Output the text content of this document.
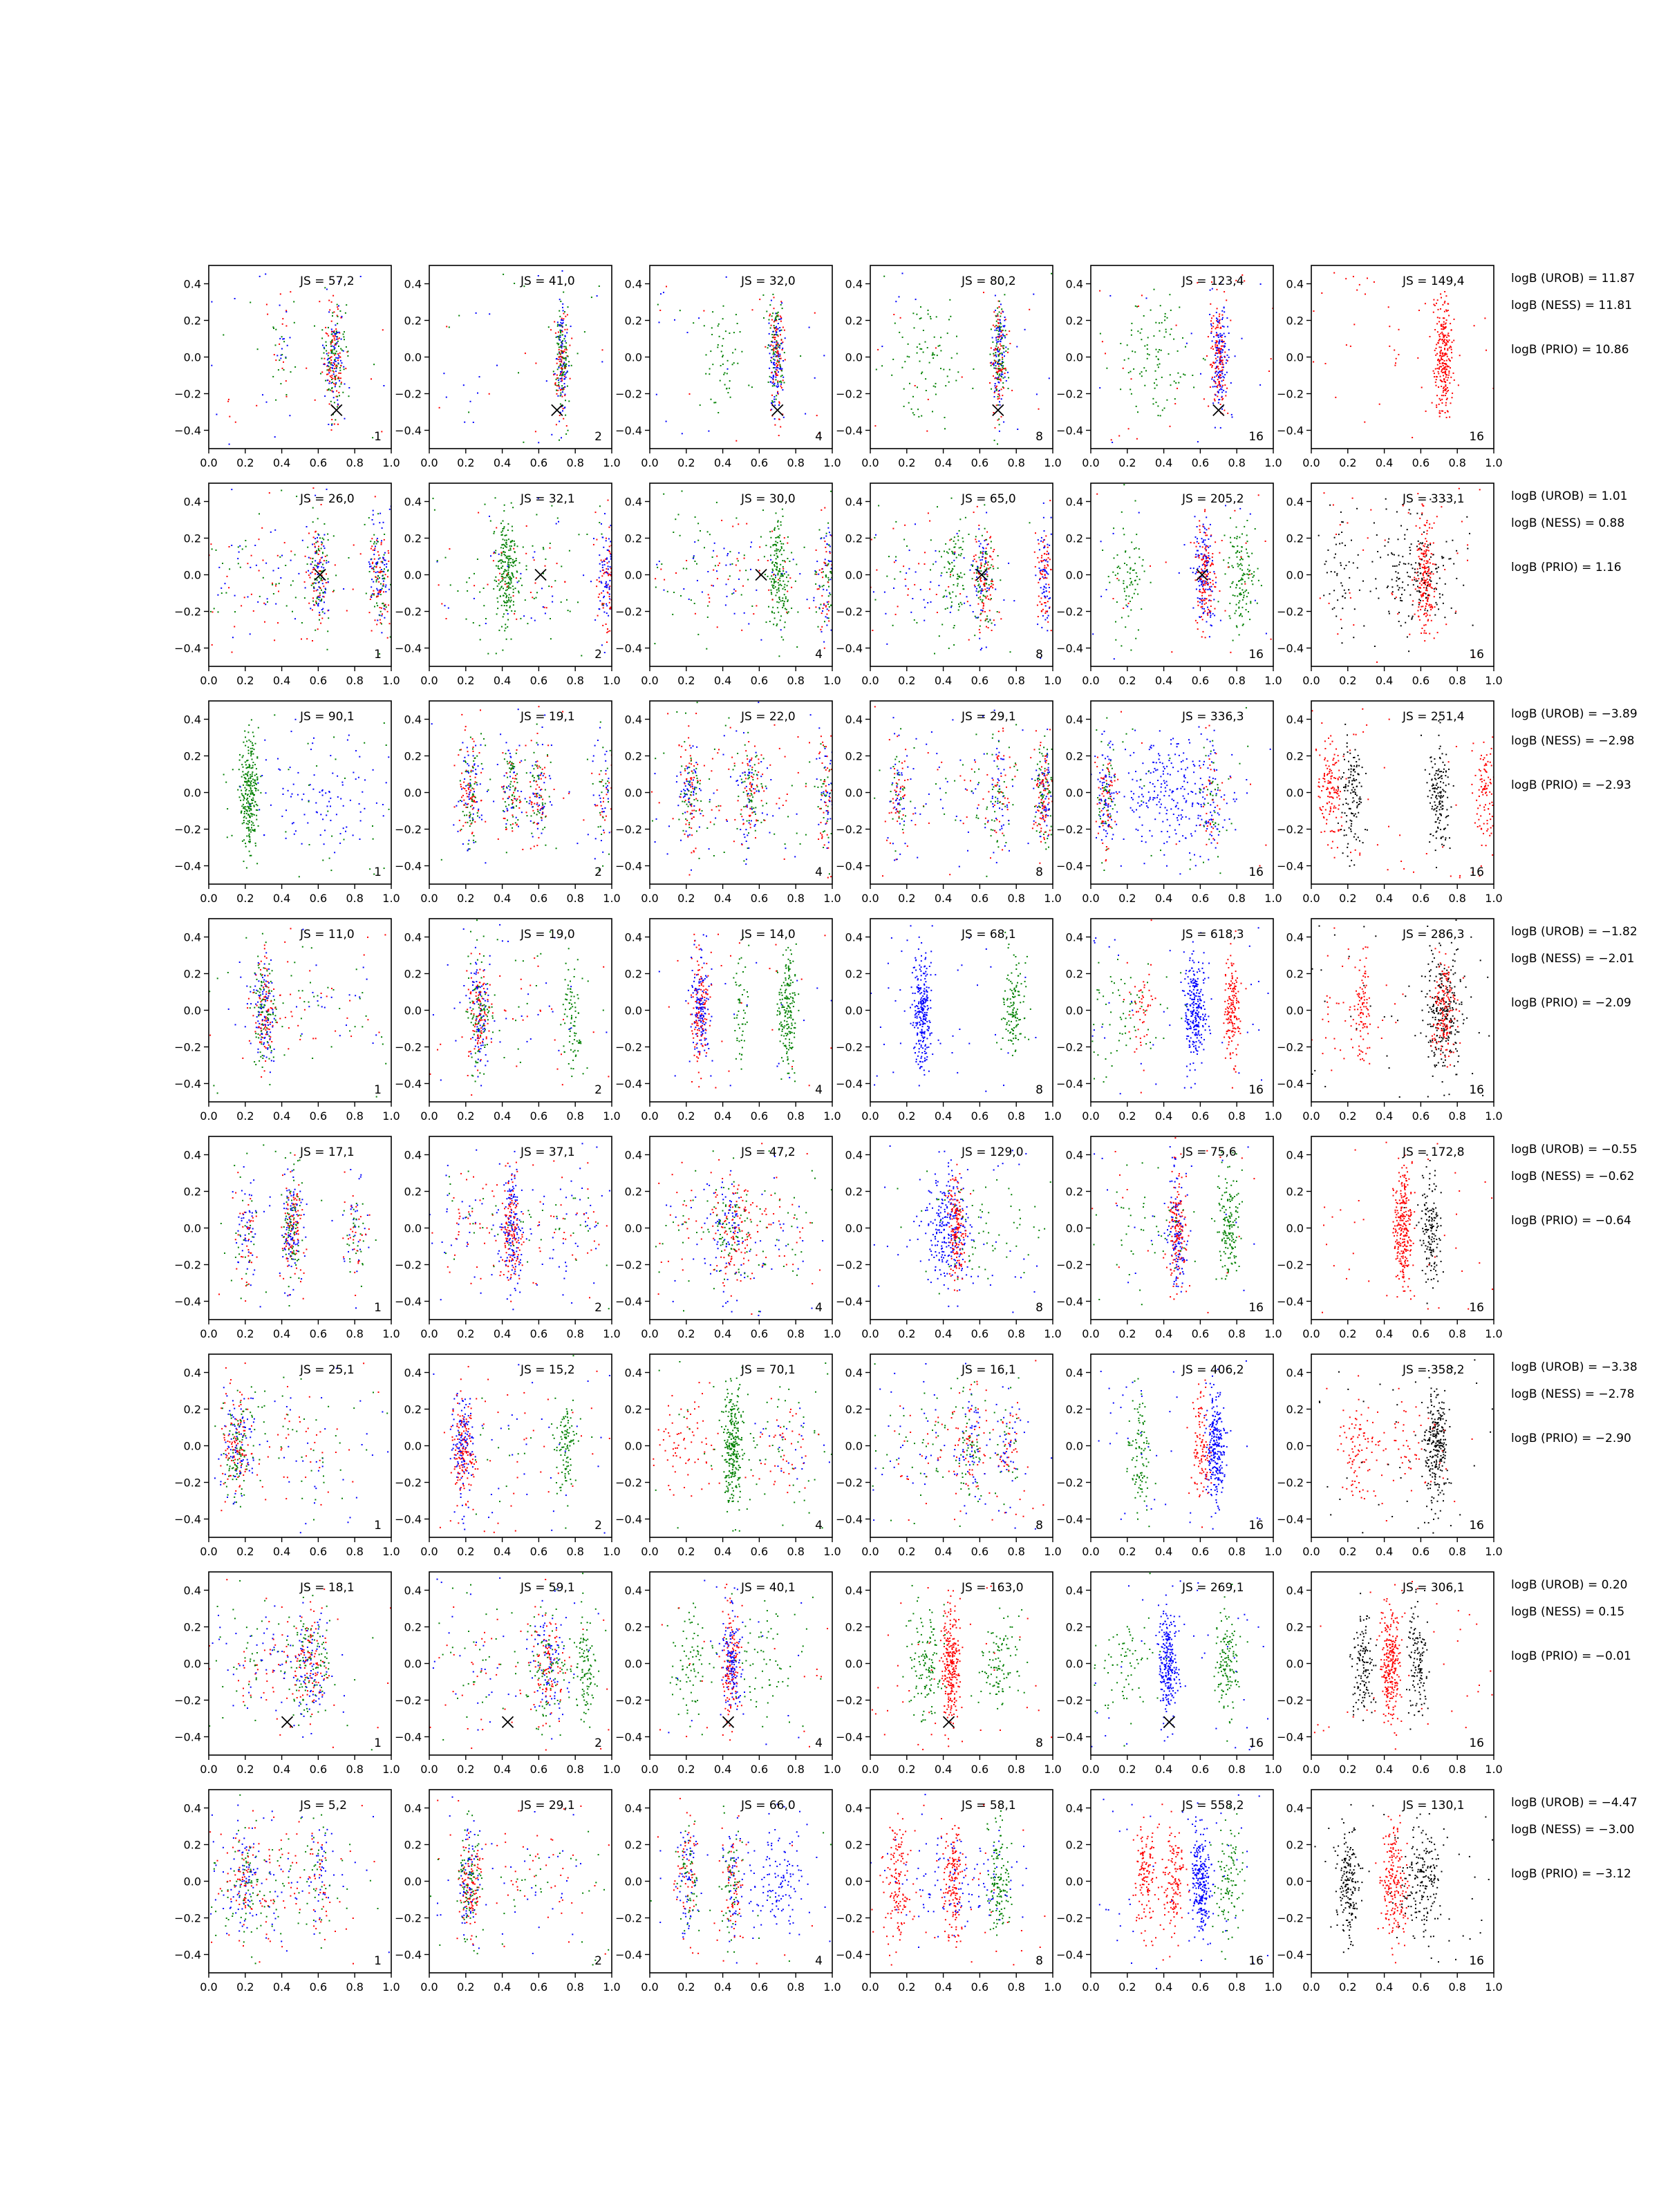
0.0 0.2 0.4 0.6 0.8 1.0
−0.4
−0.2
0.0
0.2
0.4	JS = 57,2
1
0.0 0.2 0.4 0.6 0.8 1.0
−0.4
−0.2
0.0
0.2
0.4	JS = 41,0
2
0.0 0.2 0.4 0.6 0.8 1.0
−0.4
−0.2
0.0
0.2
0.4	JS = 32,0
4
0.0 0.2 0.4 0.6 0.8 1.0
−0.4
−0.2
0.0
0.2
0.4	JS = 80,2
8
0.0 0.2 0.4 0.6 0.8 1.0
−0.4
−0.2
0.0
0.2
0.4	JS = 123,4
16
0.0 0.2 0.4 0.6 0.8 1.0
−0.4
−0.2
0.0
0.2
0.4	JS = 149,4
16
logB (UROB) = 11.87
logB (NESS) = 11.81
logB (PRIO) = 10.86
0.0 0.2 0.4 0.6 0.8 1.0
−0.4
−0.2
0.0
0.2
0.4	JS = 26,0
1
0.0 0.2 0.4 0.6 0.8 1.0
−0.4
−0.2
0.0
0.2
0.4	JS = 32,1
2
0.0 0.2 0.4 0.6 0.8 1.0
−0.4
−0.2
0.0
0.2
0.4	JS = 30,0
4
0.0 0.2 0.4 0.6 0.8 1.0
−0.4
−0.2
0.0
0.2
0.4	JS = 65,0
8
0.0 0.2 0.4 0.6 0.8 1.0
−0.4
−0.2
0.0
0.2
0.4	JS = 205,2
16
0.0 0.2 0.4 0.6 0.8 1.0
−0.4
−0.2
0.0
0.2
0.4	JS = 333,1
16
logB (UROB) = 1.01
logB (NESS) = 0.88
logB (PRIO) = 1.16
0.0 0.2 0.4 0.6 0.8 1.0
−0.4
−0.2
0.0
0.2
0.4	JS = 90,1
1
0.0 0.2 0.4 0.6 0.8 1.0
−0.4
−0.2
0.0
0.2
0.4	JS = 19,1
2
0.0 0.2 0.4 0.6 0.8 1.0
−0.4
−0.2
0.0
0.2
0.4	JS = 22,0
4
0.0 0.2 0.4 0.6 0.8 1.0
−0.4
−0.2
0.0
0.2
0.4	JS = 29,1
8
0.0 0.2 0.4 0.6 0.8 1.0
−0.4
−0.2
0.0
0.2
0.4	JS = 336,3
16
0.0 0.2 0.4 0.6 0.8 1.0
−0.4
−0.2
0.0
0.2
0.4	JS = 251,4
16
logB (UROB) = −3.89
logB (NESS) = −2.98
logB (PRIO) = −2.93
0.0 0.2 0.4 0.6 0.8 1.0
−0.4
−0.2
0.0
0.2
0.4	JS = 11,0
1
0.0 0.2 0.4 0.6 0.8 1.0
−0.4
−0.2
0.0
0.2
0.4	JS = 19,0
2
0.0 0.2 0.4 0.6 0.8 1.0
−0.4
−0.2
0.0
0.2
0.4	JS = 14,0
4
0.0 0.2 0.4 0.6 0.8 1.0
−0.4
−0.2
0.0
0.2
0.4	JS = 68,1
8
0.0 0.2 0.4 0.6 0.8 1.0
−0.4
−0.2
0.0
0.2
0.4	JS = 618,3
16
0.0 0.2 0.4 0.6 0.8 1.0
−0.4
−0.2
0.0
0.2
0.4	JS = 286,3
16
logB (UROB) = −1.82
logB (NESS) = −2.01
logB (PRIO) = −2.09
0.0 0.2 0.4 0.6 0.8 1.0
−0.4
−0.2
0.0
0.2
0.4	JS = 17,1
1
0.0 0.2 0.4 0.6 0.8 1.0
−0.4
−0.2
0.0
0.2
0.4	JS = 37,1
2
0.0 0.2 0.4 0.6 0.8 1.0
−0.4
−0.2
0.0
0.2
0.4	JS = 47,2
4
0.0 0.2 0.4 0.6 0.8 1.0
−0.4
−0.2
0.0
0.2
0.4	JS = 129,0
8
0.0 0.2 0.4 0.6 0.8 1.0
−0.4
−0.2
0.0
0.2
0.4	JS = 75,6
16
0.0 0.2 0.4 0.6 0.8 1.0
−0.4
−0.2
0.0
0.2
0.4	JS = 172,8
16
logB (UROB) = −0.55
logB (NESS) = −0.62
logB (PRIO) = −0.64
0.0 0.2 0.4 0.6 0.8 1.0
−0.4
−0.2
0.0
0.2
0.4	JS = 25,1
1
0.0 0.2 0.4 0.6 0.8 1.0
−0.4
−0.2
0.0
0.2
0.4	JS = 15,2
2
0.0 0.2 0.4 0.6 0.8 1.0
−0.4
−0.2
0.0
0.2
0.4	JS = 70,1
4
0.0 0.2 0.4 0.6 0.8 1.0
−0.4
−0.2
0.0
0.2
0.4	JS = 16,1
8
0.0 0.2 0.4 0.6 0.8 1.0
−0.4
−0.2
0.0
0.2
0.4	JS = 406,2
16
0.0 0.2 0.4 0.6 0.8 1.0
−0.4
−0.2
0.0
0.2
0.4	JS = 358,2
16
logB (UROB) = −3.38
logB (NESS) = −2.78
logB (PRIO) = −2.90
0.0 0.2 0.4 0.6 0.8 1.0
−0.4
−0.2
0.0
0.2
0.4	JS = 18,1
1
0.0 0.2 0.4 0.6 0.8 1.0
−0.4
−0.2
0.0
0.2
0.4	JS = 59,1
2
0.0 0.2 0.4 0.6 0.8 1.0
−0.4
−0.2
0.0
0.2
0.4	JS = 40,1
4
0.0 0.2 0.4 0.6 0.8 1.0
−0.4
−0.2
0.0
0.2
0.4	JS = 163,0
8
0.0 0.2 0.4 0.6 0.8 1.0
−0.4
−0.2
0.0
0.2
0.4	JS = 269,1
16
0.0 0.2 0.4 0.6 0.8 1.0
−0.4
−0.2
0.0
0.2
0.4	JS = 306,1
16
logB (UROB) = 0.20
logB (NESS) = 0.15
logB (PRIO) = −0.01
0.0 0.2 0.4 0.6 0.8 1.0
−0.4
−0.2
0.0
0.2
0.4	JS = 5,2
1
0.0 0.2 0.4 0.6 0.8 1.0
−0.4
−0.2
0.0
0.2
0.4	JS = 29,1
2
0.0 0.2 0.4 0.6 0.8 1.0
−0.4
−0.2
0.0
0.2
0.4	JS = 66,0
4
0.0 0.2 0.4 0.6 0.8 1.0
−0.4
−0.2
0.0
0.2
0.4	JS = 58,1
8
0.0 0.2 0.4 0.6 0.8 1.0
−0.4
−0.2
0.0
0.2
0.4	JS = 558,2
16
0.0 0.2 0.4 0.6 0.8 1.0
−0.4
−0.2
0.0
0.2
0.4	JS = 130,1
16
logB (UROB) = −4.47
logB (NESS) = −3.00
logB (PRIO) = −3.12
